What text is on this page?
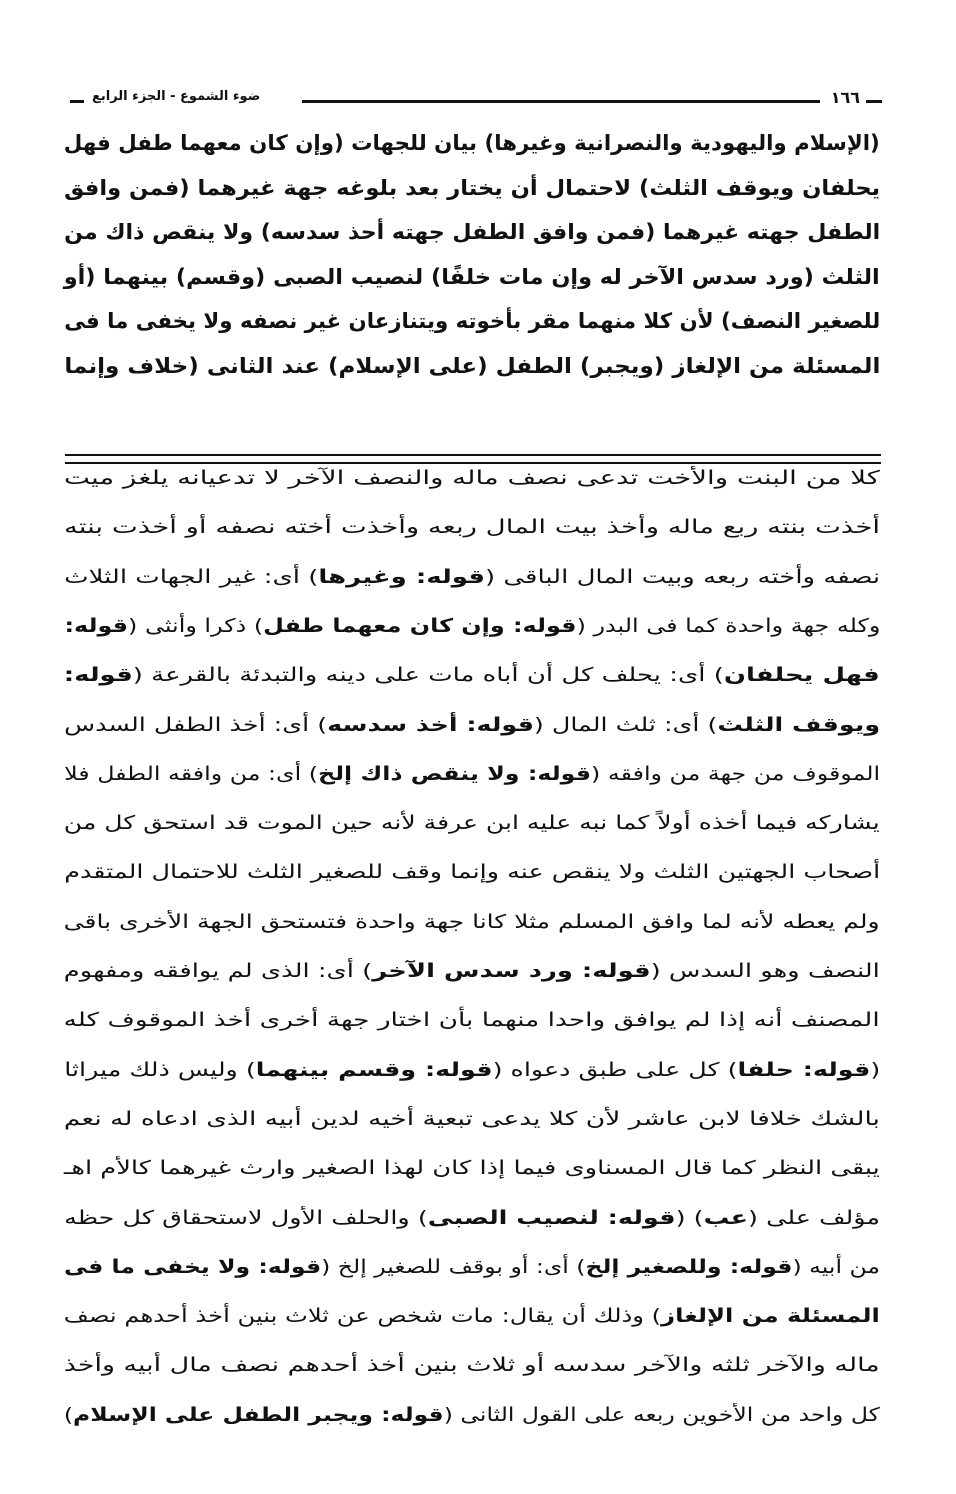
١٦٦
ضوء الشموع - الجزء الرابع
(الإسلام واليهودية والنصرانية وغيرها) بيان للجهات (وإن كان معهما طفل فهل
يحلفان ويوقف الثلث) لاحتمال أن يختار بعد بلوغه جهة غيرهما (فمن وافق
الطفل جهته غيرهما (فمن وافق الطفل جهته أحذ سدسه) ولا ينقص ذاك من
الثلث (ورد سدس الآخر له وإن مات خلفًا) لنصيب الصبى (وقسم) بينهما (أو
للصغير النصف) لأن كلا منهما مقر بأخوته ويتنازعان غير نصفه ولا يخفى ما فى
المسئلة من الإلغاز (ويجبر) الطفل (على الإسلام) عند الثانى (خلاف وإنما
كلا من البنت والأخت تدعى نصف ماله والنصف الآخر لا تدعيانه يلغز ميت
أخذت بنته ربع ماله وأخذ بيت المال ربعه وأخذت أخته نصفه أو أخذت بنته
نصفه وأخته ربعه وبيت المال الباقى (قوله: وغيرها) أى: غير الجهات الثلاث
وكله جهة واحدة كما فى البدر (قوله: وإن كان معهما طفل) ذكرا وأنثى (قوله:
فهل يحلفان) أى: يحلف كل أن أباه مات على دينه والتبدئة بالقرعة (قوله:
ويوقف الثلث) أى: ثلث المال (قوله: أخذ سدسه) أى: أخذ الطفل السدس
الموقوف من جهة من وافقه (قوله: ولا ينقص ذاك إلخ) أى: من وافقه الطفل فلا
يشاركه فيما أخذه أولاً كما نبه عليه ابن عرفة لأنه حين الموت قد استحق كل من
أصحاب الجهتين الثلث ولا ينقص عنه وإنما وقف للصغير الثلث للاحتمال المتقدم
ولم يعطه لأنه لما وافق المسلم مثلا كانا جهة واحدة فتستحق الجهة الأخرى باقى
النصف وهو السدس (قوله: ورد سدس الآخر) أى: الذى لم يوافقه ومفهوم
المصنف أنه إذا لم يوافق واحدا منهما بأن اختار جهة أخرى أخذ الموقوف كله
(قوله: حلفا) كل على طبق دعواه (قوله: وقسم بينهما) وليس ذلك ميراثا
بالشك خلافا لابن عاشر لأن كلا يدعى تبعية أخيه لدين أبيه الذى ادعاه له نعم
يبقى النظر كما قال المسناوى فيما إذا كان لهذا الصغير وارث غيرهما كالأم اهـ
مؤلف على (عب) (قوله: لنصيب الصبى) والحلف الأول لاستحقاق كل حظه
من أبيه (قوله: وللصغير إلخ) أى: أو بوقف للصغير إلخ (قوله: ولا يخفى ما فى
المسئلة من الإلغاز) وذلك أن يقال: مات شخص عن ثلاث بنين أخذ أحدهم نصف
ماله والآخر ثلثه والآخر سدسه أو ثلاث بنين أخذ أحدهم نصف مال أبيه وأخذ
كل واحد من الأخوين ربعه على القول الثانى (قوله: ويجبر الطفل على الإسلام)
